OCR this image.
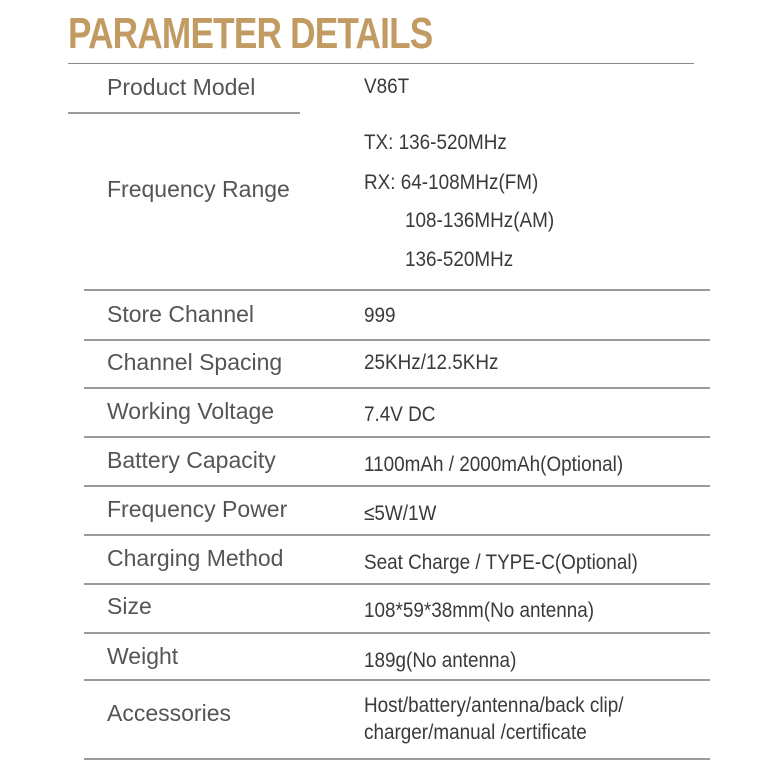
PARAMETER DETAILS
Product Model	V86T
Frequency Range
TX: 136-520MHz
RX: 64-108MHz(FM)
108-136MHz(AM)
136-520MHz
Store Channel	999
Channel Spacing	25KHz/12.5KHz
Working Voltage	7.4V DC
Battery Capacity	1100mAh / 2000mAh(Optional)
Frequency Power	≤5W/1W
Charging Method	Seat Charge / TYPE-C(Optional)
Size	108*59*38mm(No antenna)
Weight	189g(No antenna)
Accessories	Host/battery/antenna/back clip/
charger/manual /certificate
